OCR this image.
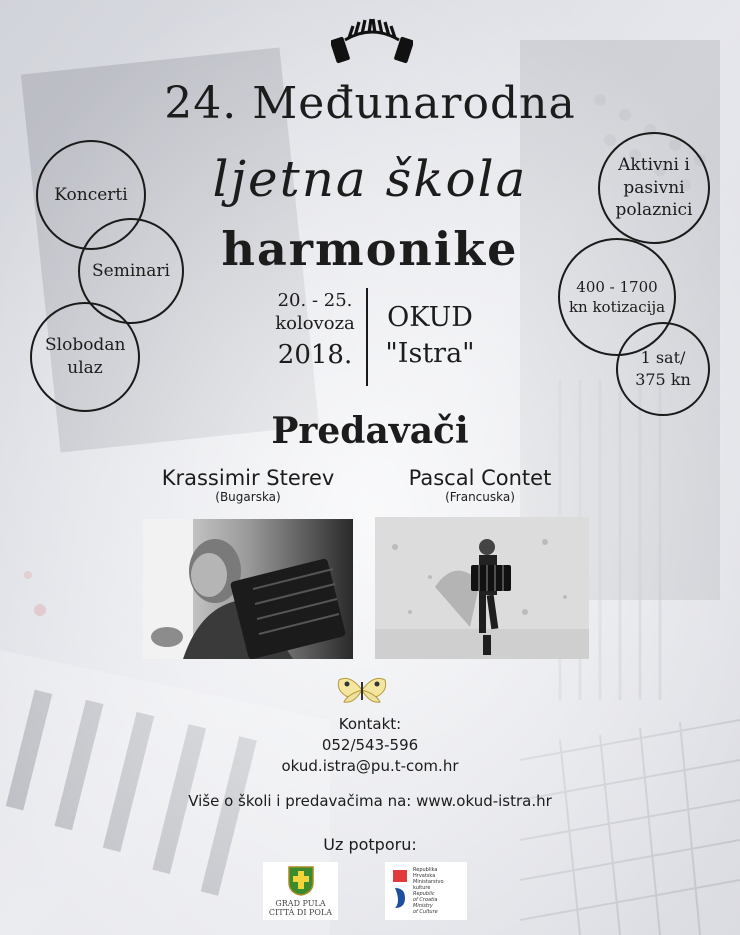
24. Međunarodna
ljetna škola
harmonike
Koncerti
Seminari
Slobodan ulaz
Aktivni i pasivni polaznici
400 - 1700 kn kotizacija
1 sat/ 375 kn
20. - 25.
kolovoza
2018.
OKUD
"Istra"
Predavači
Krassimir Sterev
(Bugarska)
Pascal Contet
(Francuska)
Kontakt:
052/543-596
okud.istra@pu.t-com.hr
Više o školi i predavačima na: www.okud-istra.hr
Uz potporu:
GRAD PULA
CITTÀ DI POLA
Republika
Hrvatska
Ministarstvo
kulture
Republic
of Croatia
Ministry
of Culture
